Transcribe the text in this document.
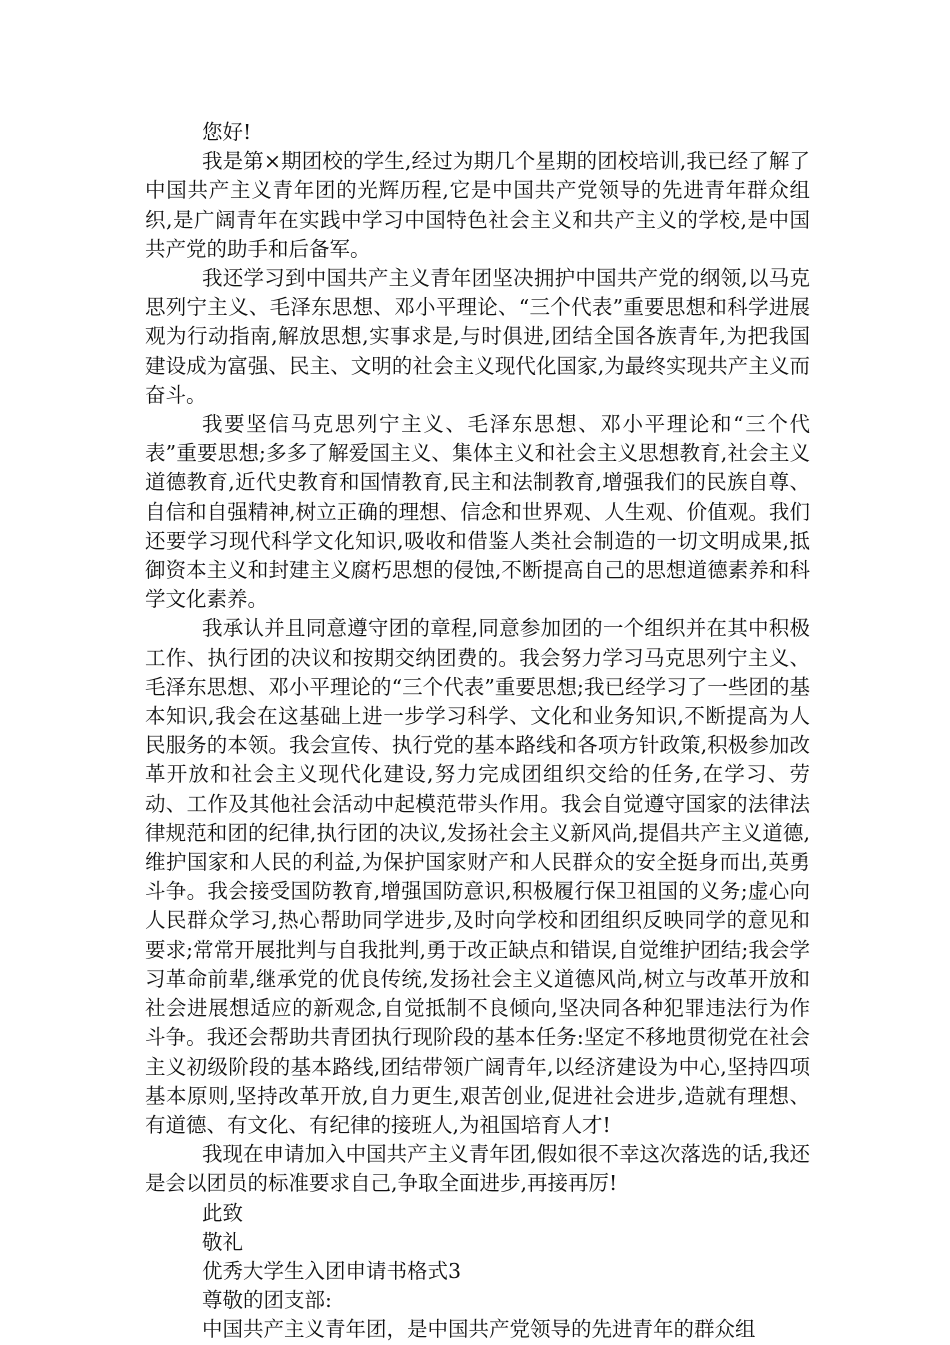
您好!

我是第×期团校的学生,经过为期几个星期的团校培训,我已经了解了中国共产主义青年团的光辉历程,它是中国共产党领导的先进青年群众组织,是广阔青年在实践中学习中国特色社会主义和共产主义的学校,是中国共产党的助手和后备军。

我还学习到中国共产主义青年团坚决拥护中国共产党的纲领,以马克思列宁主义、毛泽东思想、邓小平理论、“三个代表”重要思想和科学进展观为行动指南,解放思想,实事求是,与时俱进,团结全国各族青年,为把我国建设成为富强、民主、文明的社会主义现代化国家,为最终实现共产主义而奋斗。

我要坚信马克思列宁主义、毛泽东思想、邓小平理论和“三个代表”重要思想;多多了解爱国主义、集体主义和社会主义思想教育,社会主义道德教育,近代史教育和国情教育,民主和法制教育,增强我们的民族自尊、自信和自强精神,树立正确的理想、信念和世界观、人生观、价值观。我们还要学习现代科学文化知识,吸收和借鉴人类社会制造的一切文明成果,抵御资本主义和封建主义腐朽思想的侵蚀,不断提高自己的思想道德素养和科学文化素养。

我承认并且同意遵守团的章程,同意参加团的一个组织并在其中积极工作、执行团的决议和按期交纳团费的。我会努力学习马克思列宁主义、毛泽东思想、邓小平理论的“三个代表”重要思想;我已经学习了一些团的基本知识,我会在这基础上进一步学习科学、文化和业务知识,不断提高为人民服务的本领。我会宣传、执行党的基本路线和各项方针政策,积极参加改革开放和社会主义现代化建设,努力完成团组织交给的任务,在学习、劳动、工作及其他社会活动中起模范带头作用。我会自觉遵守国家的法律法律规范和团的纪律,执行团的决议,发扬社会主义新风尚,提倡共产主义道德,维护国家和人民的利益,为保护国家财产和人民群众的安全挺身而出,英勇斗争。我会接受国防教育,增强国防意识,积极履行保卫祖国的义务;虚心向人民群众学习,热心帮助同学进步,及时向学校和团组织反映同学的意见和要求;常常开展批判与自我批判,勇于改正缺点和错误,自觉维护团结;我会学习革命前辈,继承党的优良传统,发扬社会主义道德风尚,树立与改革开放和社会进展想适应的新观念,自觉抵制不良倾向,坚决同各种犯罪违法行为作斗争。我还会帮助共青团执行现阶段的基本任务:坚定不移地贯彻党在社会主义初级阶段的基本路线,团结带领广阔青年,以经济建设为中心,坚持四项基本原则,坚持改革开放,自力更生,艰苦创业,促进社会进步,造就有理想、有道德、有文化、有纪律的接班人,为祖国培育人才!

我现在申请加入中国共产主义青年团,假如很不幸这次落选的话,我还是会以团员的标准要求自己,争取全面进步,再接再厉!

此致

敬礼

优秀大学生入团申请书格式3

尊敬的团支部:

中国共产主义青年团，是中国共产党领导的先进青年的群众组
